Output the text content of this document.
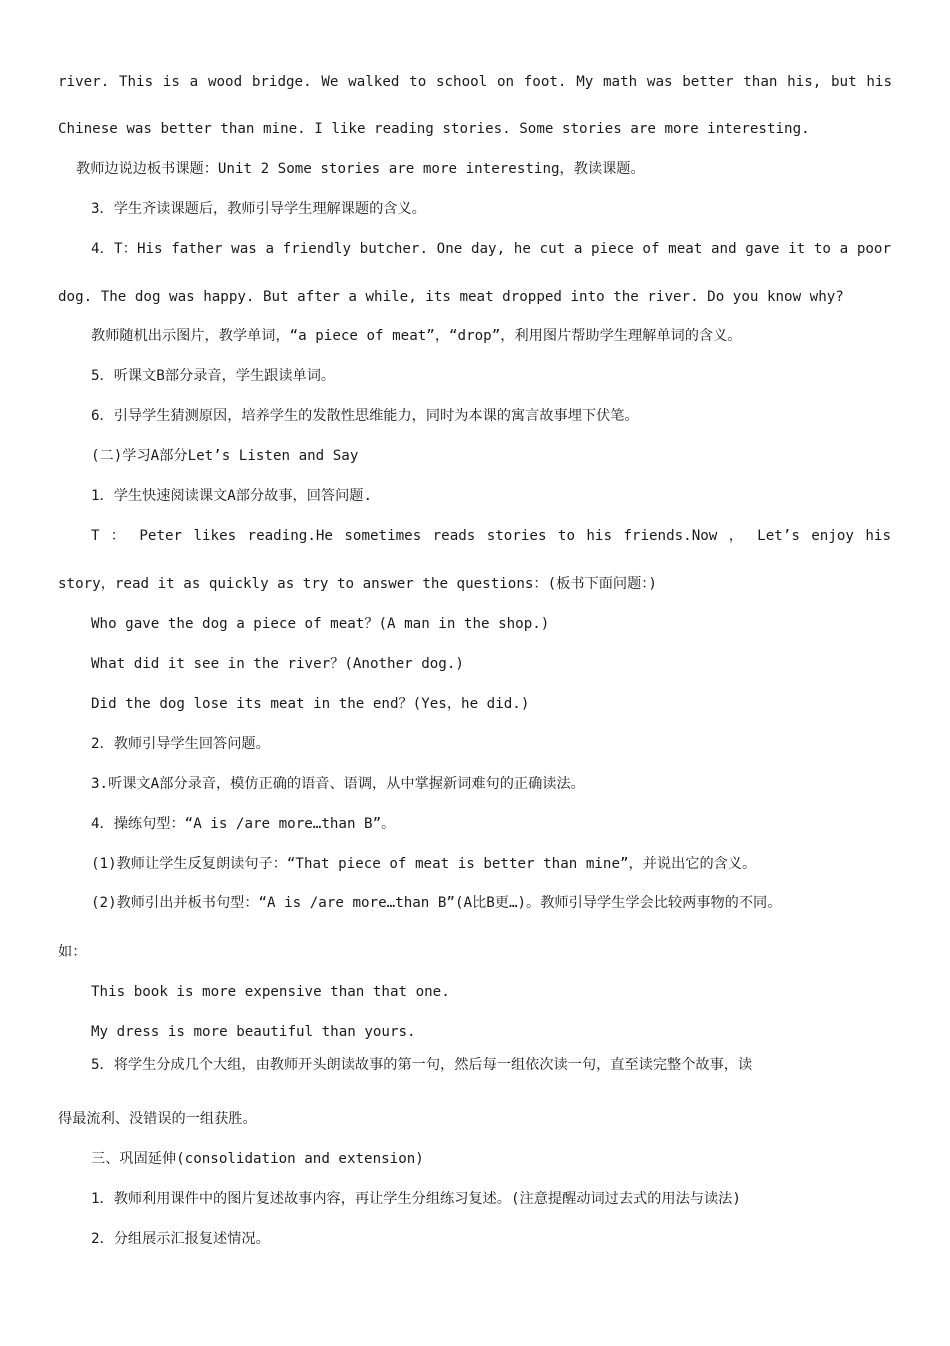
river. This is a wood bridge. We walked to school on foot. My math was better than his, but his
Chinese was better than mine. I like reading stories. Some stories are more interesting.
教师边说边板书课题：Unit 2 Some stories are more interesting，教读课题。
3．学生齐读课题后，教师引导学生理解课题的含义。
4．T：His father was a friendly butcher. One day, he cut a piece of meat and gave it to a poor
dog. The dog was happy. But after a while, its meat dropped into the river. Do you know why?
教师随机出示图片，教学单词，“a piece of meat”，“drop”，利用图片帮助学生理解单词的含义。
5．听课文B部分录音，学生跟读单词。
6．引导学生猜测原因，培养学生的发散性思维能力，同时为本课的寓言故事埋下伏笔。
(二)学习A部分Let’s Listen and Say
1．学生快速阅读课文A部分故事，回答问题.
T ： Peter likes reading.He sometimes reads stories to his friends.Now ， Let’s enjoy his
story，read it as quickly as try to answer the questions：(板书下面问题：)
Who gave the dog a piece of meat？(A man in the shop.)
What did it see in the river？(Another dog.)
Did the dog lose its meat in the end？(Yes，he did.)
2．教师引导学生回答问题。
3.听课文A部分录音，模仿正确的语音、语调，从中掌握新词难句的正确读法。
4．操练句型：“A is /are more…than B”。
(1)教师让学生反复朗读句子：“That piece of meat is better than mine”，并说出它的含义。
(2)教师引出并板书句型：“A is /are more…than B”(A比B更…)。教师引导学生学会比较两事物的不同。
如：
This book is more expensive than that one.
My dress is more beautiful than yours.
5．将学生分成几个大组，由教师开头朗读故事的第一句，然后每一组依次读一句，直至读完整个故事，读
得最流利、没错误的一组获胜。
三、巩固延伸(consolidation and extension)
1．教师利用课件中的图片复述故事内容，再让学生分组练习复述。(注意提醒动词过去式的用法与读法)
2．分组展示汇报复述情况。
